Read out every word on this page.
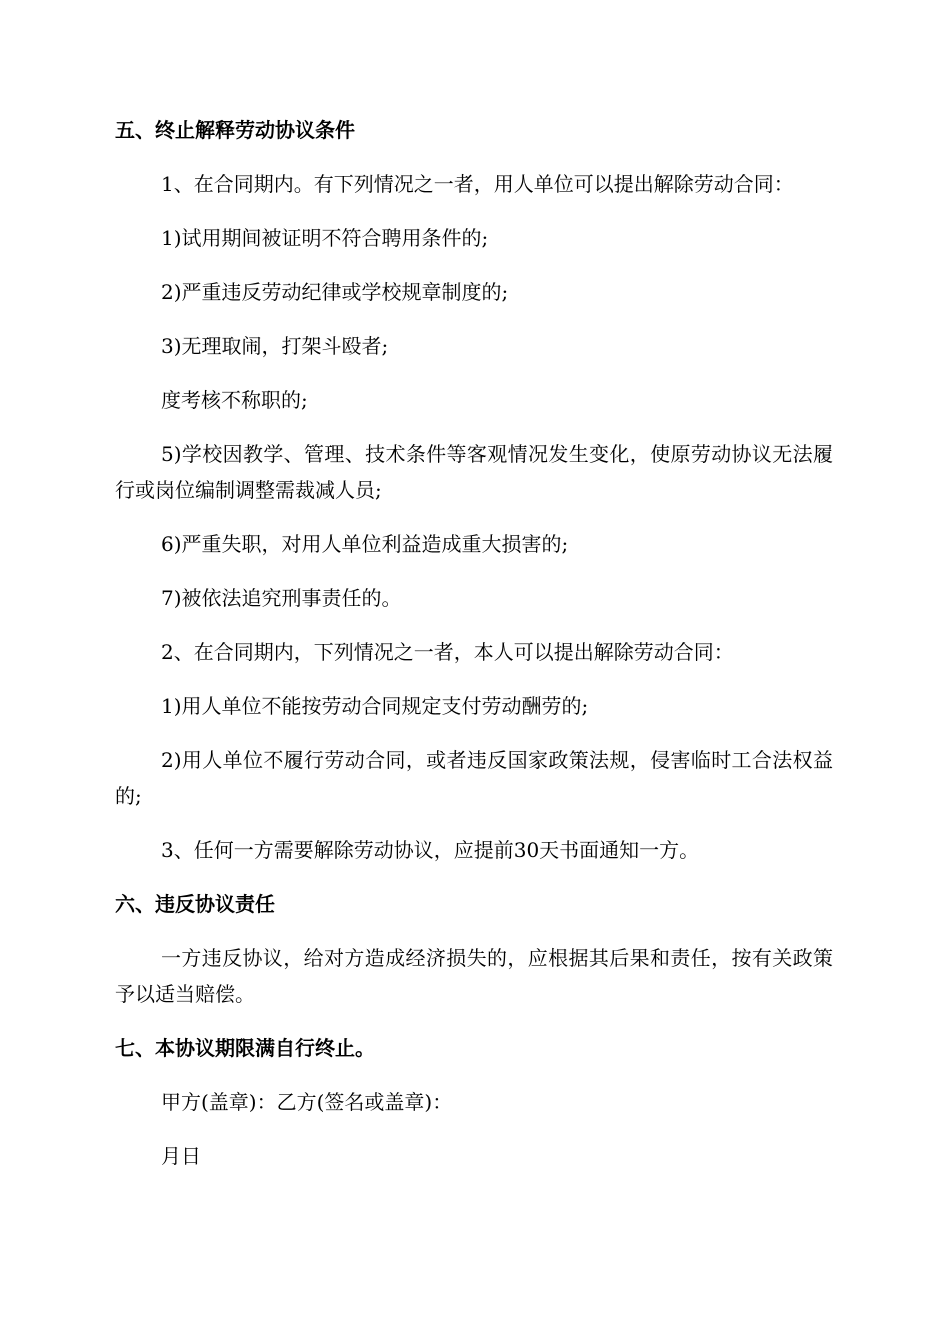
五、终止解释劳动协议条件

1、在合同期内。有下列情况之一者，用人单位可以提出解除劳动合同：

1)试用期间被证明不符合聘用条件的;

2)严重违反劳动纪律或学校规章制度的;

3)无理取闹，打架斗殴者;

度考核不称职的;

5)学校因教学、管理、技术条件等客观情况发生变化，使原劳动协议无法履行或岗位编制调整需裁减人员;

6)严重失职，对用人单位利益造成重大损害的;

7)被依法追究刑事责任的。

2、在合同期内，下列情况之一者，本人可以提出解除劳动合同：

1)用人单位不能按劳动合同规定支付劳动酬劳的;

2)用人单位不履行劳动合同，或者违反国家政策法规，侵害临时工合法权益的;

3、任何一方需要解除劳动协议，应提前30天书面通知一方。

六、违反协议责任

一方违反协议，给对方造成经济损失的，应根据其后果和责任，按有关政策予以适当赔偿。

七、本协议期限满自行终止。

甲方(盖章)：乙方(签名或盖章)：

月日
